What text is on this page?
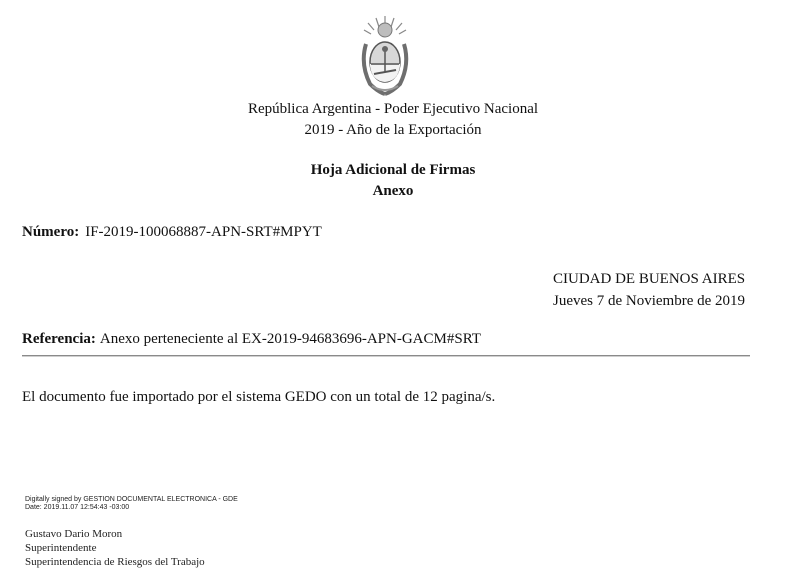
República Argentina - Poder Ejecutivo Nacional
2019 - Año de la Exportación
Hoja Adicional de Firmas
Anexo
Número: IF-2019-100068887-APN-SRT#MPYT
CIUDAD DE BUENOS AIRES
Jueves 7 de Noviembre de 2019
Referencia: Anexo perteneciente al EX-2019-94683696-APN-GACM#SRT
El documento fue importado por el sistema GEDO con un total de 12 pagina/s.
Digitally signed by GESTION DOCUMENTAL ELECTRONICA - GDE
Date: 2019.11.07 12:54:43 -03:00
Gustavo Dario Moron
Superintendente
Superintendencia de Riesgos del Trabajo
